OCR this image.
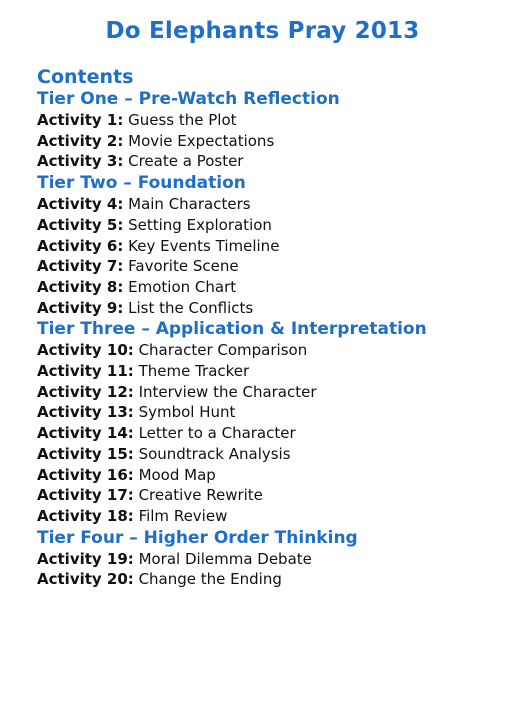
Do Elephants Pray 2013
Contents
Tier One – Pre-Watch Reflection

Activity 1: Guess the Plot

Activity 2: Movie Expectations

Activity 3: Create a Poster

Tier Two – Foundation

Activity 4: Main Characters

Activity 5: Setting Exploration

Activity 6: Key Events Timeline

Activity 7: Favorite Scene

Activity 8: Emotion Chart

Activity 9: List the Conflicts

Tier Three – Application & Interpretation

Activity 10: Character Comparison

Activity 11: Theme Tracker

Activity 12: Interview the Character

Activity 13: Symbol Hunt

Activity 14: Letter to a Character

Activity 15: Soundtrack Analysis

Activity 16: Mood Map

Activity 17: Creative Rewrite

Activity 18: Film Review

Tier Four – Higher Order Thinking

Activity 19: Moral Dilemma Debate

Activity 20: Change the Ending
